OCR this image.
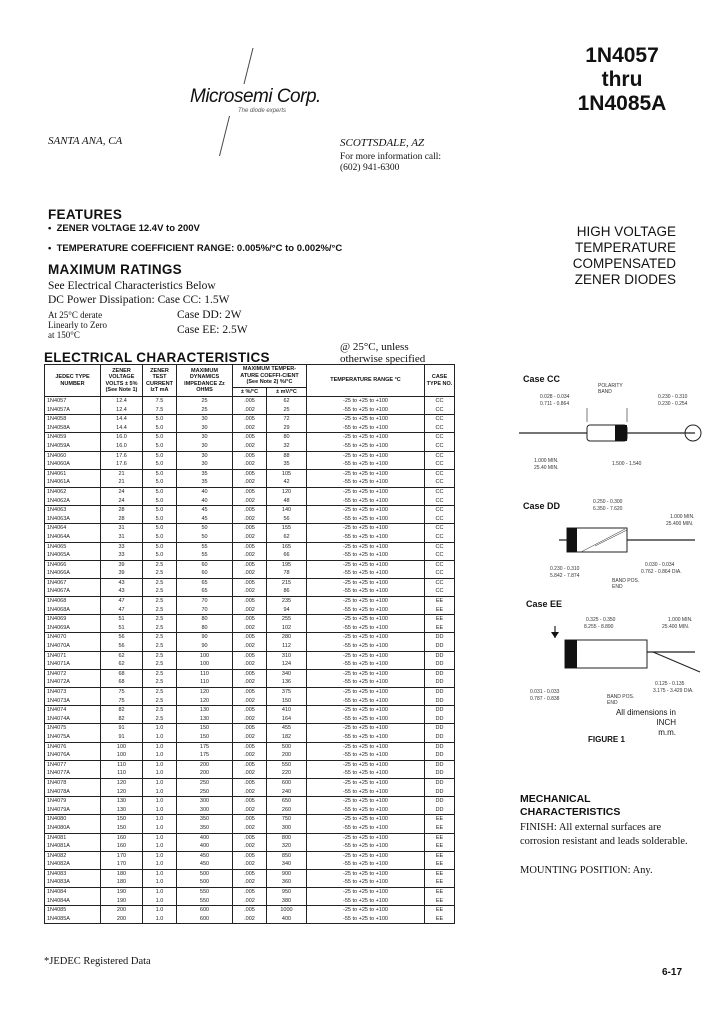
Microsemi Corp.
The diode experts
1N4057
thru
1N4085A
SANTA ANA, CA	SCOTTSDALE, AZ
For more information call:
(602) 941-6300
FEATURES
•  ZENER VOLTAGE 12.4V to 200V
•  TEMPERATURE COEFFICIENT RANGE: 0.005%/°C to 0.002%/°C
MAXIMUM RATINGS
See Electrical Characteristics Below
DC Power Dissipation: Case CC: 1.5W
At 25°C derate
Linearly to Zero
at 150°C
Case DD: 2W
Case EE: 2.5W
HIGH VOLTAGE
TEMPERATURE
COMPENSATED
ZENER DIODES
ELECTRICAL CHARACTERISTICS
@ 25°C, unless
otherwise specified
JEDEC TYPE NUMBER	ZENER VOLTAGE VOLTS ± 5% (See Note 1)	ZENER TEST CURRENT IzT mA	MAXIMUM DYNAMICS IMPEDANCE Zz OHMS	MAXIMUM TEMPER-ATURE COEFFI-CIENT (See Note 2) %/°C		TEMPERATURE RANGE °C	CASE TYPE NO.
				± %/°C	± mV/°C		
1N4057	12.4	7.5	25	.005	62	-25 to +25 to +100	CC
1N4057A	12.4	7.5	25	.002	25	-55 to +25 to +100	CC
1N4058	14.4	5.0	30	.005	72	-25 to +25 to +100	CC
1N4058A	14.4	5.0	30	.002	29	-55 to +25 to +100	CC
1N4059	16.0	5.0	30	.005	80	-25 to +25 to +100	CC
1N4059A	16.0	5.0	30	.002	32	-55 to +25 to +100	CC
1N4060	17.6	5.0	30	.005	88	-25 to +25 to +100	CC
1N4060A	17.6	5.0	30	.002	35	-55 to +25 to +100	CC
1N4061	21	5.0	35	.005	105	-25 to +25 to +100	CC
1N4061A	21	5.0	35	.002	42	-55 to +25 to +100	CC
1N4062	24	5.0	40	.005	120	-25 to +25 to +100	CC
1N4062A	24	5.0	40	.002	48	-55 to +25 to +100	CC
1N4063	28	5.0	45	.005	140	-25 to +25 to +100	CC
1N4063A	28	5.0	45	.002	56	-55 to +25 to +100	CC
1N4064	31	5.0	50	.005	155	-25 to +25 to +100	CC
1N4064A	31	5.0	50	.002	62	-55 to +25 to +100	CC
1N4065	33	5.0	55	.005	165	-25 to +25 to +100	CC
1N4065A	33	5.0	55	.002	66	-55 to +25 to +100	CC
1N4066	39	2.5	60	.005	195	-25 to +25 to +100	CC
1N4066A	39	2.5	60	.002	78	-55 to +25 to +100	CC
1N4067	43	2.5	65	.005	215	-25 to +25 to +100	CC
1N4067A	43	2.5	65	.002	86	-55 to +25 to +100	CC
1N4068	47	2.5	70	.005	235	-25 to +25 to +100	EE
1N4068A	47	2.5	70	.002	94	-55 to +25 to +100	EE
1N4069	51	2.5	80	.005	255	-25 to +25 to +100	EE
1N4069A	51	2.5	80	.002	102	-55 to +25 to +100	EE
1N4070	56	2.5	90	.005	280	-25 to +25 to +100	DD
1N4070A	56	2.5	90	.002	112	-55 to +25 to +100	DD
1N4071	62	2.5	100	.005	310	-25 to +25 to +100	DD
1N4071A	62	2.5	100	.002	124	-55 to +25 to +100	DD
1N4072	68	2.5	110	.005	340	-25 to +25 to +100	DD
1N4072A	68	2.5	110	.002	136	-55 to +25 to +100	DD
1N4073	75	2.5	120	.005	375	-25 to +25 to +100	DD
1N4073A	75	2.5	120	.002	150	-55 to +25 to +100	DD
1N4074	82	2.5	130	.005	410	-25 to +25 to +100	DD
1N4074A	82	2.5	130	.002	164	-55 to +25 to +100	DD
1N4075	91	1.0	150	.005	455	-25 to +25 to +100	DD
1N4075A	91	1.0	150	.002	182	-55 to +25 to +100	DD
1N4076	100	1.0	175	.005	500	-25 to +25 to +100	DD
1N4076A	100	1.0	175	.002	200	-55 to +25 to +100	DD
1N4077	110	1.0	200	.005	550	-25 to +25 to +100	DD
1N4077A	110	1.0	200	.002	220	-55 to +25 to +100	DD
1N4078	120	1.0	250	.005	600	-25 to +25 to +100	DD
1N4078A	120	1.0	250	.002	240	-55 to +25 to +100	DD
1N4079	130	1.0	300	.005	650	-25 to +25 to +100	DD
1N4079A	130	1.0	300	.002	260	-55 to +25 to +100	DD
1N4080	150	1.0	350	.005	750	-25 to +25 to +100	EE
1N4080A	150	1.0	350	.002	300	-55 to +25 to +100	EE
1N4081	160	1.0	400	.005	800	-25 to +25 to +100	EE
1N4081A	160	1.0	400	.002	320	-55 to +25 to +100	EE
1N4082	170	1.0	450	.005	850	-25 to +25 to +100	EE
1N4082A	170	1.0	450	.002	340	-55 to +25 to +100	EE
1N4083	180	1.0	500	.005	900	-25 to +25 to +100	EE
1N4083A	180	1.0	500	.002	360	-55 to +25 to +100	EE
1N4084	190	1.0	550	.005	950	-25 to +25 to +100	EE
1N4084A	190	1.0	550	.002	380	-55 to +25 to +100	EE
1N4085	200	1.0	600	.005	1000	-25 to +25 to +100	EE
1N4085A	200	1.0	600	.002	400	-55 to +25 to +100	EE
*JEDEC Registered Data
Case CC
POLARITY BAND
0.028 - 0.034
0.711 - 0.864
0.230 - 0.310
0.230 - 0.254
1.000 MIN.
25.40 MIN.
1.500 - 1.540
Case DD	0.250 - 0.300
6.350 - 7.620
1.000 MIN.
25.400 MIN.
0.230 - 0.310
5.842 - 7.874
0.030 - 0.034
0.762 - 0.864 DIA.
BAND POS. END
Case EE
0.325 - 0.350
8.255 - 8.890
1.000 MIN.
25.400 MIN.
0.031 - 0.033
0.787 - 0.838
0.125 - 0.135
3.175 - 3.429 DIA.
BAND POS. END
All dimensions in INCH
m.m.
FIGURE 1
MECHANICAL
CHARACTERISTICS
FINISH: All external surfaces are corrosion resistant and leads solderable.
MOUNTING POSITION: Any.
6-17
